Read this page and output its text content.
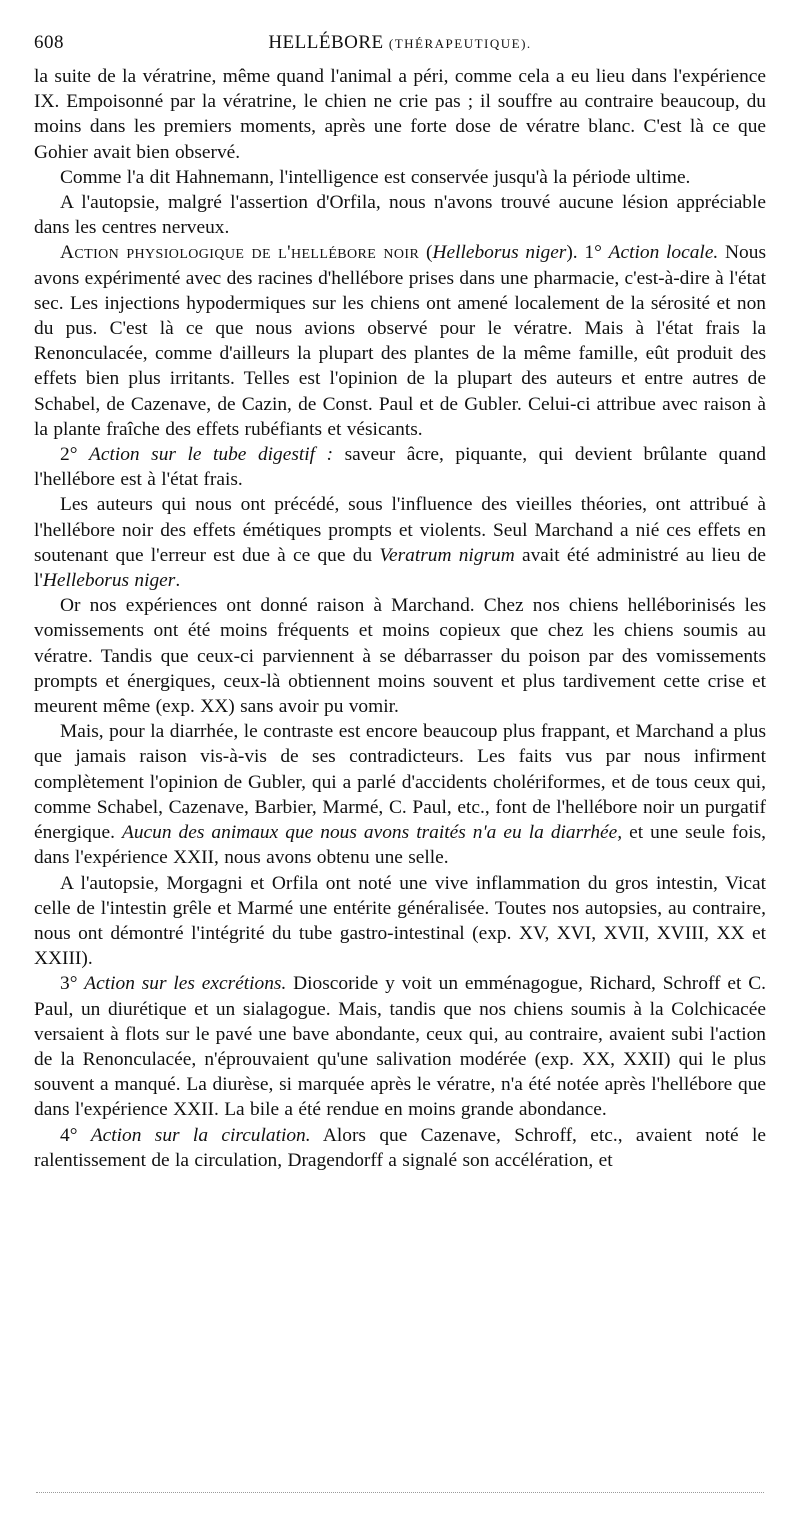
608	HELLÉBORE (THÉRAPEUTIQUE).

la suite de la vératrine, même quand l'animal a péri, comme cela a eu lieu dans l'expérience IX. Empoisonné par la vératrine, le chien ne crie pas ; il souffre au contraire beaucoup, du moins dans les premiers moments, après une forte dose de vératre blanc. C'est là ce que Gohier avait bien observé.

Comme l'a dit Hahnemann, l'intelligence est conservée jusqu'à la période ultime.

A l'autopsie, malgré l'assertion d'Orfila, nous n'avons trouvé aucune lésion appréciable dans les centres nerveux.

Action physiologique de l'hellébore noir (Helleborus niger). 1° Action locale. Nous avons expérimenté avec des racines d'hellébore prises dans une pharmacie, c'est-à-dire à l'état sec. Les injections hypodermiques sur les chiens ont amené localement de la sérosité et non du pus. C'est là ce que nous avions observé pour le vératre. Mais à l'état frais la Renonculacée, comme d'ailleurs la plupart des plantes de la même famille, eût produit des effets bien plus irritants. Telles est l'opinion de la plupart des auteurs et entre autres de Schabel, de Cazenave, de Cazin, de Const. Paul et de Gubler. Celui-ci attribue avec raison à la plante fraîche des effets rubéfiants et vésicants.

2° Action sur le tube digestif : saveur âcre, piquante, qui devient brûlante quand l'hellébore est à l'état frais.

Les auteurs qui nous ont précédé, sous l'influence des vieilles théories, ont attribué à l'hellébore noir des effets émétiques prompts et violents. Seul Marchand a nié ces effets en soutenant que l'erreur est due à ce que du Veratrum nigrum avait été administré au lieu de l'Helleborus niger.

Or nos expériences ont donné raison à Marchand. Chez nos chiens helléborinisés les vomissements ont été moins fréquents et moins copieux que chez les chiens soumis au vératre. Tandis que ceux-ci parviennent à se débarrasser du poison par des vomissements prompts et énergiques, ceux-là obtiennent moins souvent et plus tardivement cette crise et meurent même (exp. XX) sans avoir pu vomir.

Mais, pour la diarrhée, le contraste est encore beaucoup plus frappant, et Marchand a plus que jamais raison vis-à-vis de ses contradicteurs. Les faits vus par nous infirment complètement l'opinion de Gubler, qui a parlé d'accidents cholériformes, et de tous ceux qui, comme Schabel, Cazenave, Barbier, Marmé, C. Paul, etc., font de l'hellébore noir un purgatif énergique. Aucun des animaux que nous avons traités n'a eu la diarrhée, et une seule fois, dans l'expérience XXII, nous avons obtenu une selle.

A l'autopsie, Morgagni et Orfila ont noté une vive inflammation du gros intestin, Vicat celle de l'intestin grêle et Marmé une entérite généralisée. Toutes nos autopsies, au contraire, nous ont démontré l'intégrité du tube gastro-intestinal (exp. XV, XVI, XVII, XVIII, XX et XXIII).

3° Action sur les excrétions. Dioscoride y voit un emménagogue, Richard, Schroff et C. Paul, un diurétique et un sialagogue. Mais, tandis que nos chiens soumis à la Colchicacée versaient à flots sur le pavé une bave abondante, ceux qui, au contraire, avaient subi l'action de la Renonculacée, n'éprouvaient qu'une salivation modérée (exp. XX, XXII) qui le plus souvent a manqué. La diurèse, si marquée après le vératre, n'a été notée après l'hellébore que dans l'expérience XXII. La bile a été rendue en moins grande abondance.

4° Action sur la circulation. Alors que Cazenave, Schroff, etc., avaient noté le ralentissement de la circulation, Dragendorff a signalé son accélération, et
